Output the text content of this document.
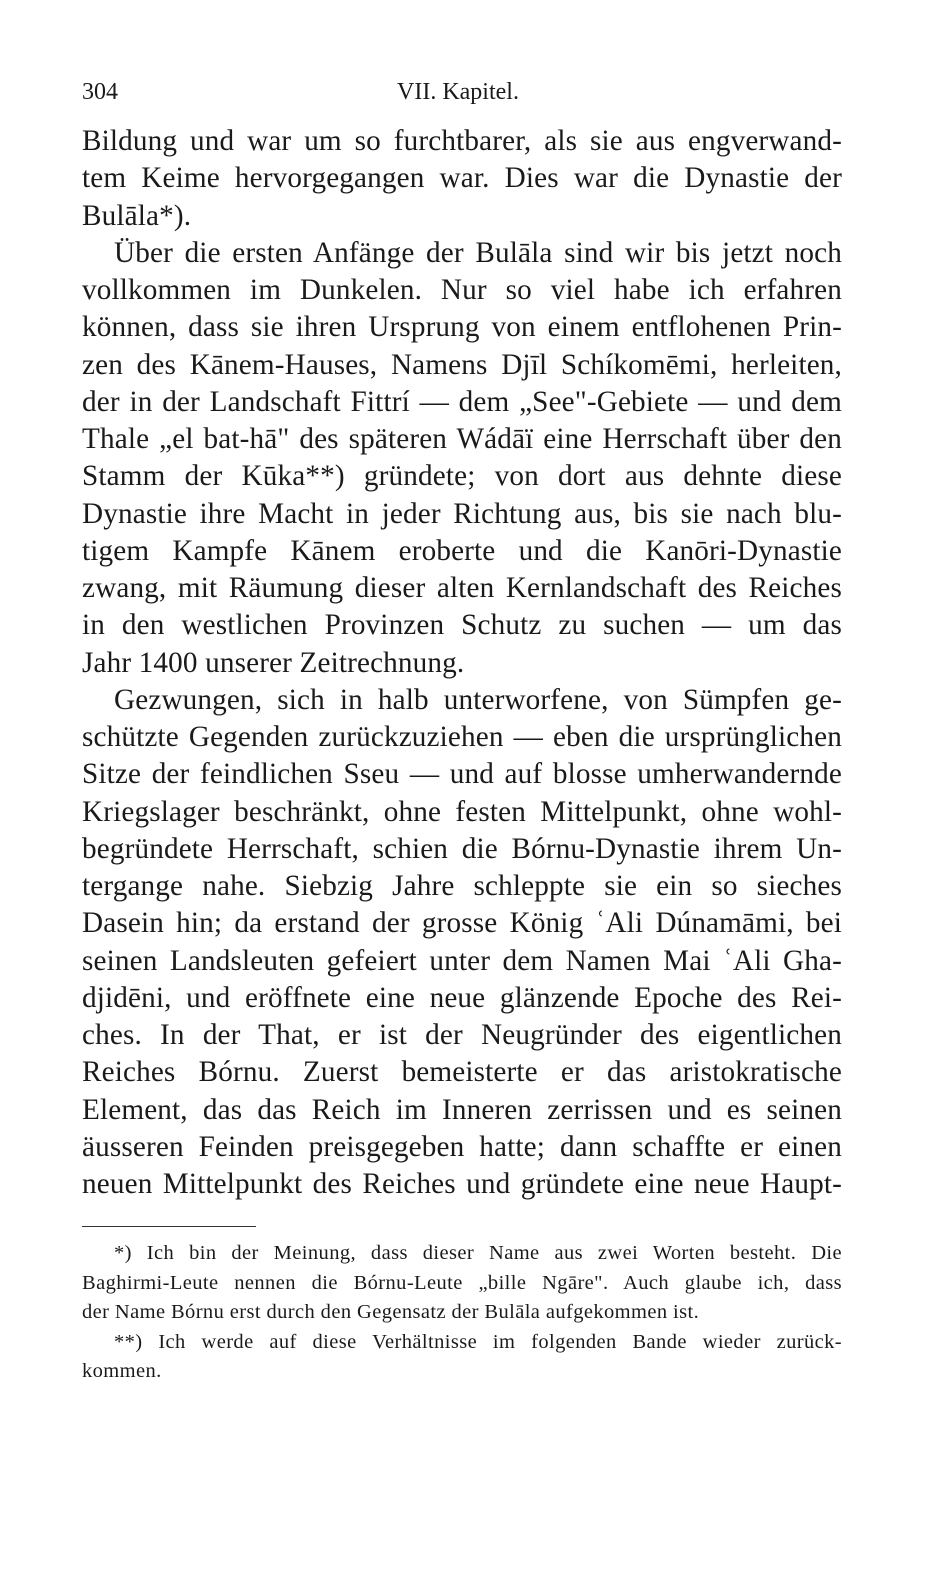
304	VII. Kapitel.
Bildung und war um so furchtbarer, als sie aus engverwand-
tem Keime hervorgegangen war. Dies war die Dynastie der
Bulāla*).
Über die ersten Anfänge der Bulāla sind wir bis jetzt noch
vollkommen im Dunkelen. Nur so viel habe ich erfahren
können, dass sie ihren Ursprung von einem entflohenen Prin-
zen des Kānem-Hauses, Namens Djīl Schíkomēmi, herleiten,
der in der Landschaft Fittrí — dem „See"-Gebiete — und dem
Thale „el bat-hā" des späteren Wádāï eine Herrschaft über den
Stamm der Kūka**) gründete; von dort aus dehnte diese
Dynastie ihre Macht in jeder Richtung aus, bis sie nach blu-
tigem Kampfe Kānem eroberte und die Kanōri-Dynastie
zwang, mit Räumung dieser alten Kernlandschaft des Reiches
in den westlichen Provinzen Schutz zu suchen — um das
Jahr 1400 unserer Zeitrechnung.
Gezwungen, sich in halb unterworfene, von Sümpfen ge-
schützte Gegenden zurückzuziehen — eben die ursprünglichen
Sitze der feindlichen Sseu — und auf blosse umherwandernde
Kriegslager beschränkt, ohne festen Mittelpunkt, ohne wohl-
begründete Herrschaft, schien die Bórnu-Dynastie ihrem Un-
tergange nahe. Siebzig Jahre schleppte sie ein so sieches
Dasein hin; da erstand der grosse König ʿAli Dúnamāmi, bei
seinen Landsleuten gefeiert unter dem Namen Mai ʿAli Gha-
djidēni, und eröffnete eine neue glänzende Epoche des Rei-
ches. In der That, er ist der Neugründer des eigentlichen
Reiches Bórnu. Zuerst bemeisterte er das aristokratische
Element, das das Reich im Inneren zerrissen und es seinen
äusseren Feinden preisgegeben hatte; dann schaffte er einen
neuen Mittelpunkt des Reiches und gründete eine neue Haupt-
*) Ich bin der Meinung, dass dieser Name aus zwei Worten besteht. Die
Baghirmi-Leute nennen die Bórnu-Leute „bille Ngāre". Auch glaube ich, dass
der Name Bórnu erst durch den Gegensatz der Bulāla aufgekommen ist.
**) Ich werde auf diese Verhältnisse im folgenden Bande wieder zurück-
kommen.
